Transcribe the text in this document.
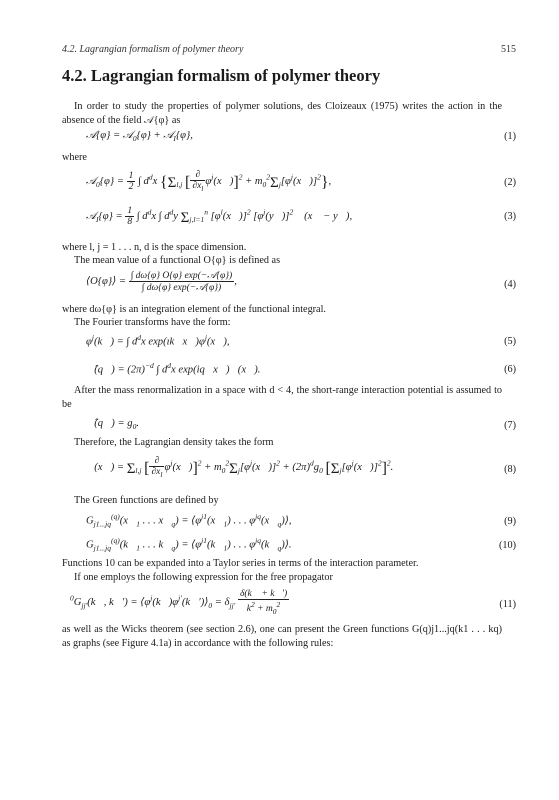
4.2. Lagrangian formalism of polymer theory	515
4.2. Lagrangian formalism of polymer theory
In order to study the properties of polymer solutions, des Cloizeaux (1975) writes the action in the absence of the field 𝒜{φ} as
𝒜{φ} = 𝒜$_0${φ} + 𝒜$_I${φ},	(1)
where
𝒜$_0${φ} = $\frac{1}{2}$ ∫ $d^dx$ {$\Sigma_{l,j}$ [ $\frac{\partial}{\partial x_l}$ $\varphi^j(x⃗)]^2$ + $m_0^2\Sigma_j[\varphi^j(x⃗)]^2$},	(2)
𝒜$_I${φ} = $\frac{1}{8}$ ∫ $d^dx$ ∫ $d^dy$ $\Sigma_{j,l=1}^n$ $[\varphi^l(x⃗)]^2$ $[\varphi^j(y⃗)]^2$ 𝒱(x⃗ − y⃗),	(3)
where l, j = 1 . . . n, d is the space dimension.
The mean value of a functional O{φ} is defined as
⟨O{φ}⟩ = $\frac{\text{∫ dω\{φ\} O\{φ\} exp(−𝒜\{φ\})}}{\text{∫ dω\{φ\} exp(−𝒜\{φ\})}}$ ,	(4)
where dω{φ} is an integration element of the functional integral.
The Fourier transforms have the form:
$\varphi^j(k⃗)$ = ∫ $d^dx$ $\exp(ık⃗x⃗)\varphi^j(x⃗)$,	(5)
𝒱̂(q⃗) = $(2\pi)^{-d}$ ∫ $d^dx$ exp(iq⃗x⃗)𝒱(x⃗).	(6)
After the mass renormalization in a space with d < 4, the short-range interaction potential is assumed to be
𝒱̂(q⃗) = $g_0$.	(7)
Therefore, the Lagrangian density takes the form
ℒ(x⃗) = $\Sigma_{l,j}$ [ $\frac{\partial}{\partial x_l}$ $\varphi^j(x⃗)]^2$ + $m_0^2\Sigma_j[\varphi^j(x⃗)]^2 + (2\pi)^dg_0$ $[\Sigma_j[\varphi^j(x⃗)]^2]^2$.	(8)
The Green functions are defined by
$G_{j1...jq}^{(q)}(x⃗_1$ . . . $x⃗_q$) = $⟨\varphi^{j1}(x⃗_1)$ . . . $\varphi^{jq}(x⃗_q)⟩$,	(9)
$G_{j1...jq}^{(q)}(k⃗_1$ . . . $k⃗_q$) = $⟨\varphi^{j1}(k⃗_1)$ . . . $\varphi^{jq}(k⃗_q)⟩$.	(10)
Functions 10 can be expanded into a Taylor series in terms of the interaction parameter.
If one employs the following expression for the free propagator
$^0G_{jj'}(k⃗$, k⃗′) = $⟨\varphi^j(k⃗)\varphi^{j'}(k⃗')⟩_0 = \delta_{jj'} \frac{\delta(k⃗ + k⃗')}{k^2 + m_0^2}$	(11)
as well as the Wicks theorem (see section 2.6), one can present the Green functions G(q)j1...jq(k1 . . . kq) as graphs (see Figure 4.1a) in accordance with the following rules:
